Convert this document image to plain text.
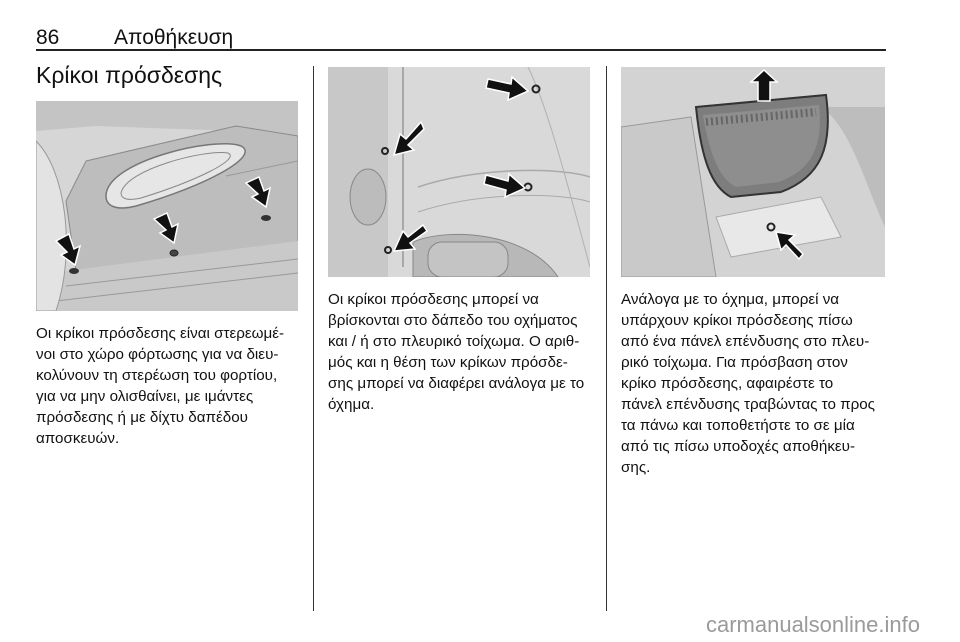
86	Αποθήκευση
Κρίκοι πρόσδεσης

Οι κρίκοι πρόσδεσης είναι στερεωμέ-

νοι στο χώρο φόρτωσης για να διευ-

κολύνουν τη στερέωση του φορτίου,

για να μην ολισθαίνει, με ιμάντες

πρόσδεσης ή με δίχτυ δαπέδου

αποσκευών.

Οι κρίκοι πρόσδεσης μπορεί να

βρίσκονται στο δάπεδο του οχήματος

και / ή στο πλευρικό τοίχωμα. Ο αριθ-

μός και η θέση των κρίκων πρόσδε-

σης μπορεί να διαφέρει ανάλογα με το

όχημα.

Ανάλογα με το όχημα, μπορεί να

υπάρχουν κρίκοι πρόσδεσης πίσω

από ένα πάνελ επένδυσης στο πλευ-

ρικό τοίχωμα. Για πρόσβαση στον

κρίκο πρόσδεσης, αφαιρέστε το

πάνελ επένδυσης τραβώντας το προς

τα πάνω και τοποθετήστε το σε μία

από τις πίσω υποδοχές αποθήκευ-

σης.

carmanualsonline.info
